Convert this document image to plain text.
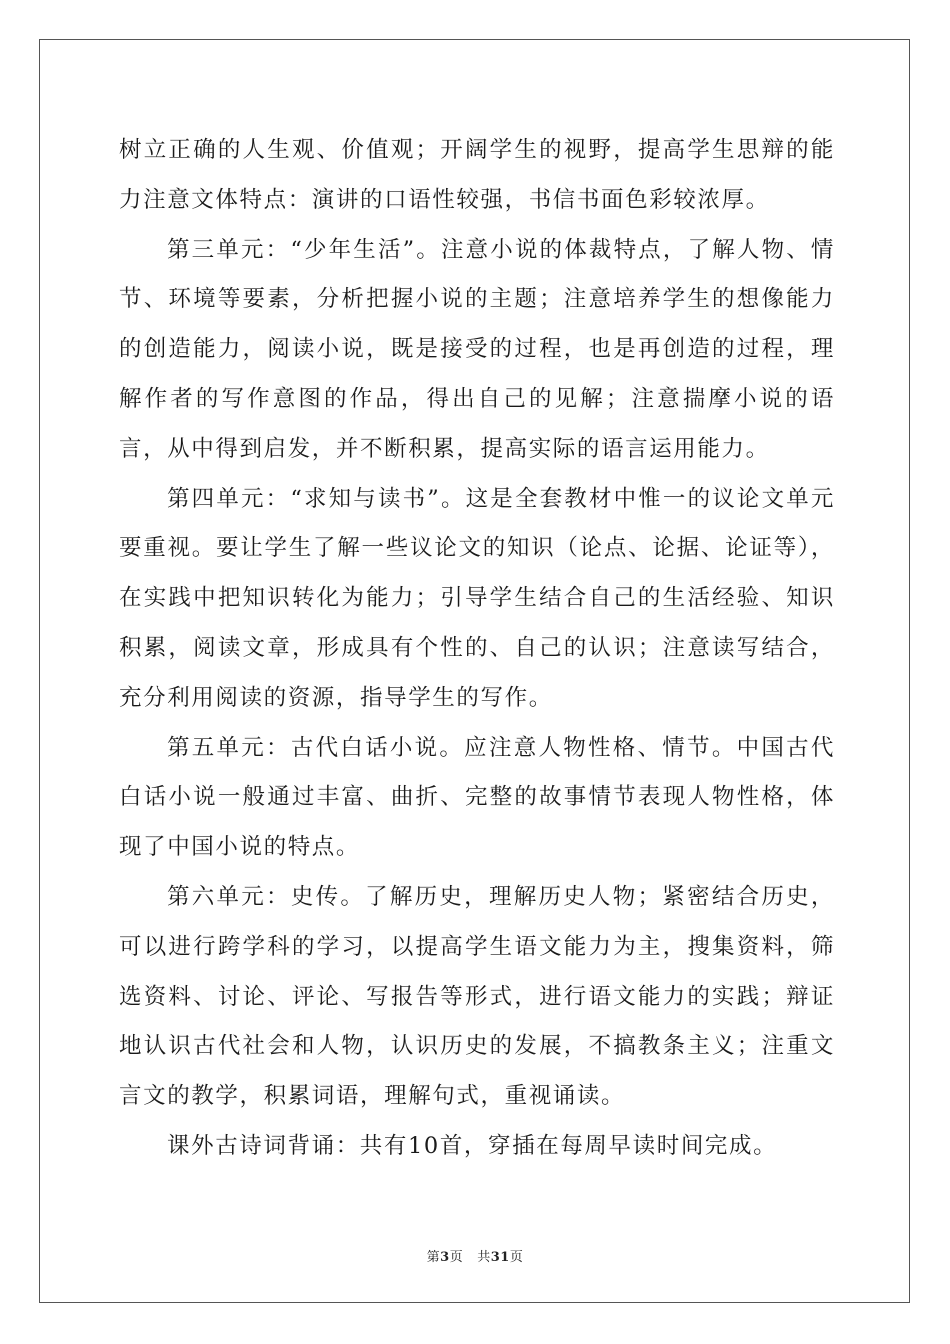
树立正确的人生观、价值观；开阔学生的视野，提高学生思辩的能力注意文体特点：演讲的口语性较强，书信书面色彩较浓厚。

第三单元：“少年生活”。注意小说的体裁特点，了解人物、情节、环境等要素，分析把握小说的主题；注意培养学生的想像能力的创造能力，阅读小说，既是接受的过程，也是再创造的过程，理解作者的写作意图的作品，得出自己的见解；注意揣摩小说的语言，从中得到启发，并不断积累，提高实际的语言运用能力。

第四单元：“求知与读书”。这是全套教材中惟一的议论文单元要重视。要让学生了解一些议论文的知识（论点、论据、论证等），在实践中把知识转化为能力；引导学生结合自己的生活经验、知识积累，阅读文章，形成具有个性的、自己的认识；注意读写结合，充分利用阅读的资源，指导学生的写作。

第五单元：古代白话小说。应注意人物性格、情节。中国古代白话小说一般通过丰富、曲折、完整的故事情节表现人物性格，体现了中国小说的特点。

第六单元：史传。了解历史，理解历史人物；紧密结合历史，可以进行跨学科的学习，以提高学生语文能力为主，搜集资料，筛选资料、讨论、评论、写报告等形式，进行语文能力的实践；辩证地认识古代社会和人物，认识历史的发展，不搞教条主义；注重文言文的教学，积累词语，理解句式，重视诵读。

课外古诗词背诵：共有10首，穿插在每周早读时间完成。

第3页 共31页
